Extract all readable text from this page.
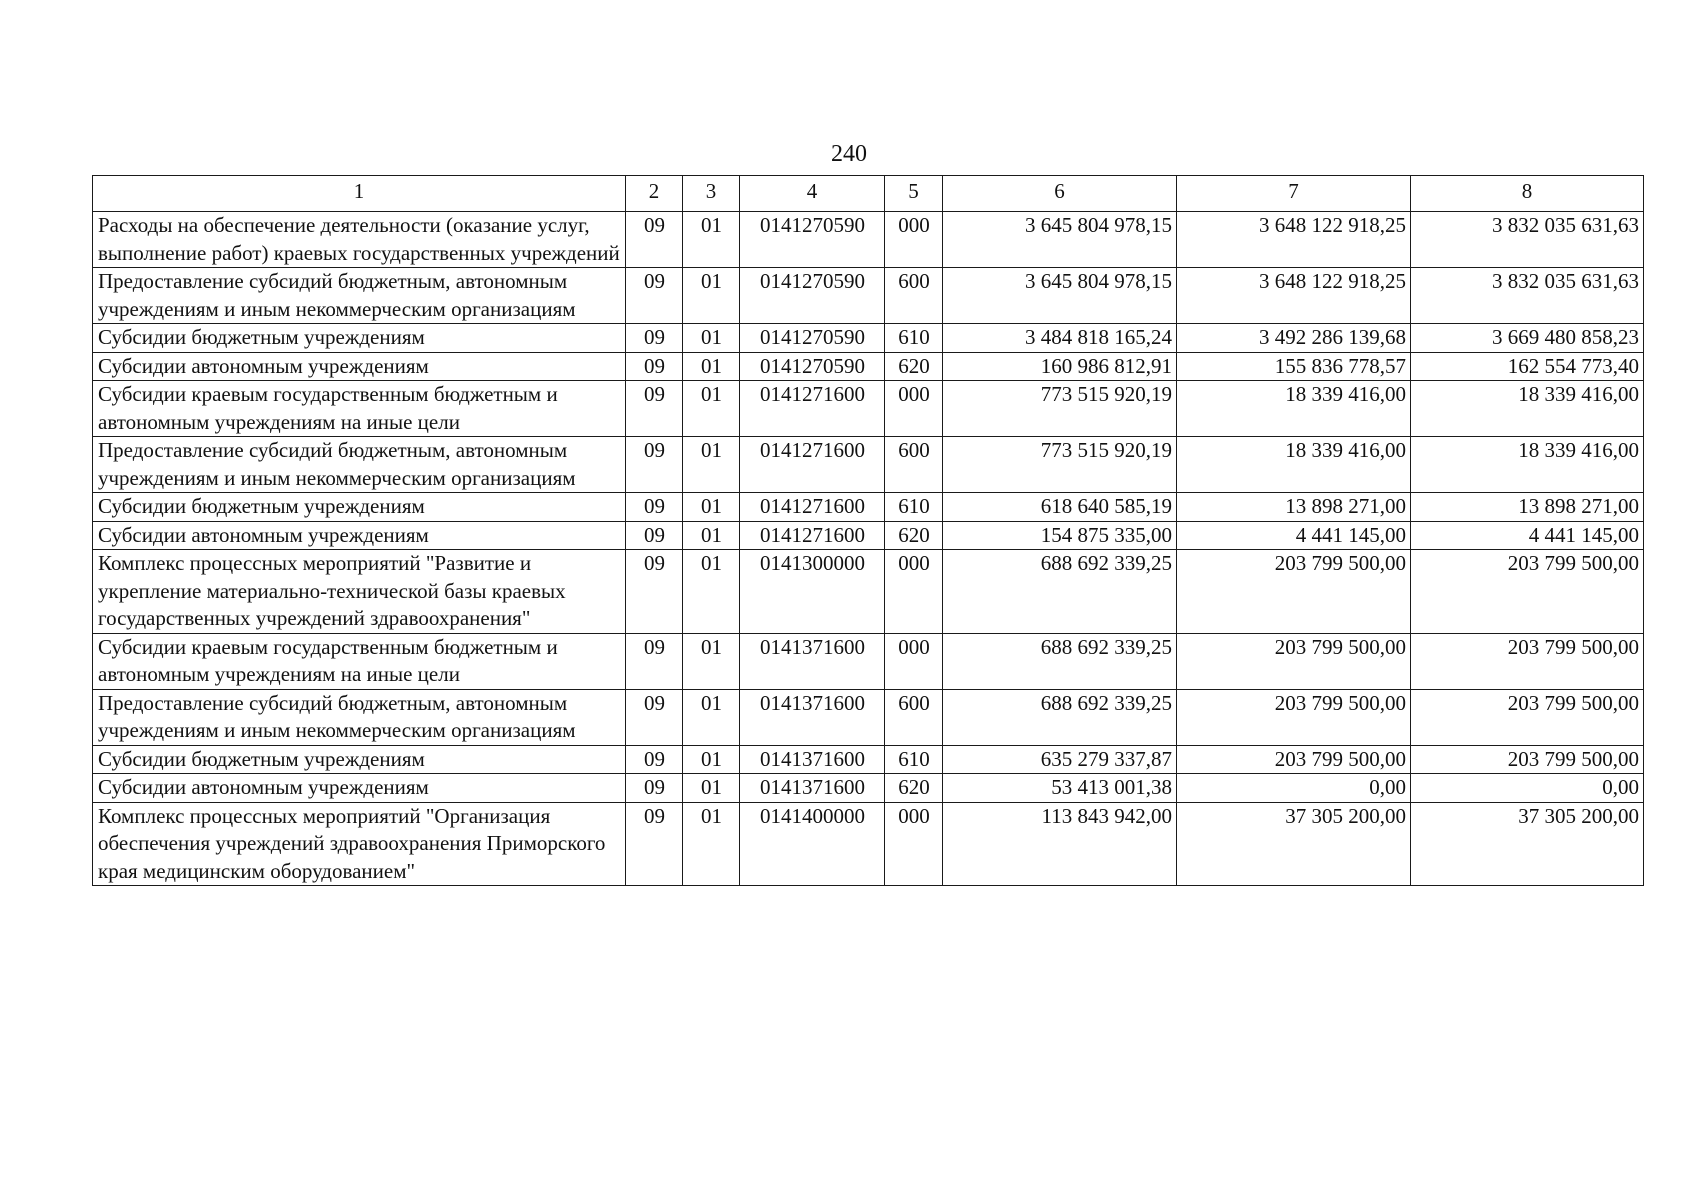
240
1	2	3	4	5	6	7	8
Расходы на обеспечение деятельности (оказание услуг, выполнение работ) краевых государственных учреждений	09	01	0141270590	000	3 645 804 978,15	3 648 122 918,25	3 832 035 631,63
Предоставление субсидий бюджетным, автономным учреждениям и иным некоммерческим организациям	09	01	0141270590	600	3 645 804 978,15	3 648 122 918,25	3 832 035 631,63
Субсидии бюджетным учреждениям	09	01	0141270590	610	3 484 818 165,24	3 492 286 139,68	3 669 480 858,23
Субсидии автономным учреждениям	09	01	0141270590	620	160 986 812,91	155 836 778,57	162 554 773,40
Субсидии краевым государственным бюджетным и автономным учреждениям на иные цели	09	01	0141271600	000	773 515 920,19	18 339 416,00	18 339 416,00
Предоставление субсидий бюджетным, автономным учреждениям и иным некоммерческим организациям	09	01	0141271600	600	773 515 920,19	18 339 416,00	18 339 416,00
Субсидии бюджетным учреждениям	09	01	0141271600	610	618 640 585,19	13 898 271,00	13 898 271,00
Субсидии автономным учреждениям	09	01	0141271600	620	154 875 335,00	4 441 145,00	4 441 145,00
Комплекс процессных мероприятий "Развитие и укрепление материально-технической базы краевых государственных учреждений здравоохранения"	09	01	0141300000	000	688 692 339,25	203 799 500,00	203 799 500,00
Субсидии краевым государственным бюджетным и автономным учреждениям на иные цели	09	01	0141371600	000	688 692 339,25	203 799 500,00	203 799 500,00
Предоставление субсидий бюджетным, автономным учреждениям и иным некоммерческим организациям	09	01	0141371600	600	688 692 339,25	203 799 500,00	203 799 500,00
Субсидии бюджетным учреждениям	09	01	0141371600	610	635 279 337,87	203 799 500,00	203 799 500,00
Субсидии автономным учреждениям	09	01	0141371600	620	53 413 001,38	0,00	0,00
Комплекс процессных мероприятий "Организация обеспечения учреждений здравоохранения Приморского края медицинским оборудованием"	09	01	0141400000	000	113 843 942,00	37 305 200,00	37 305 200,00
